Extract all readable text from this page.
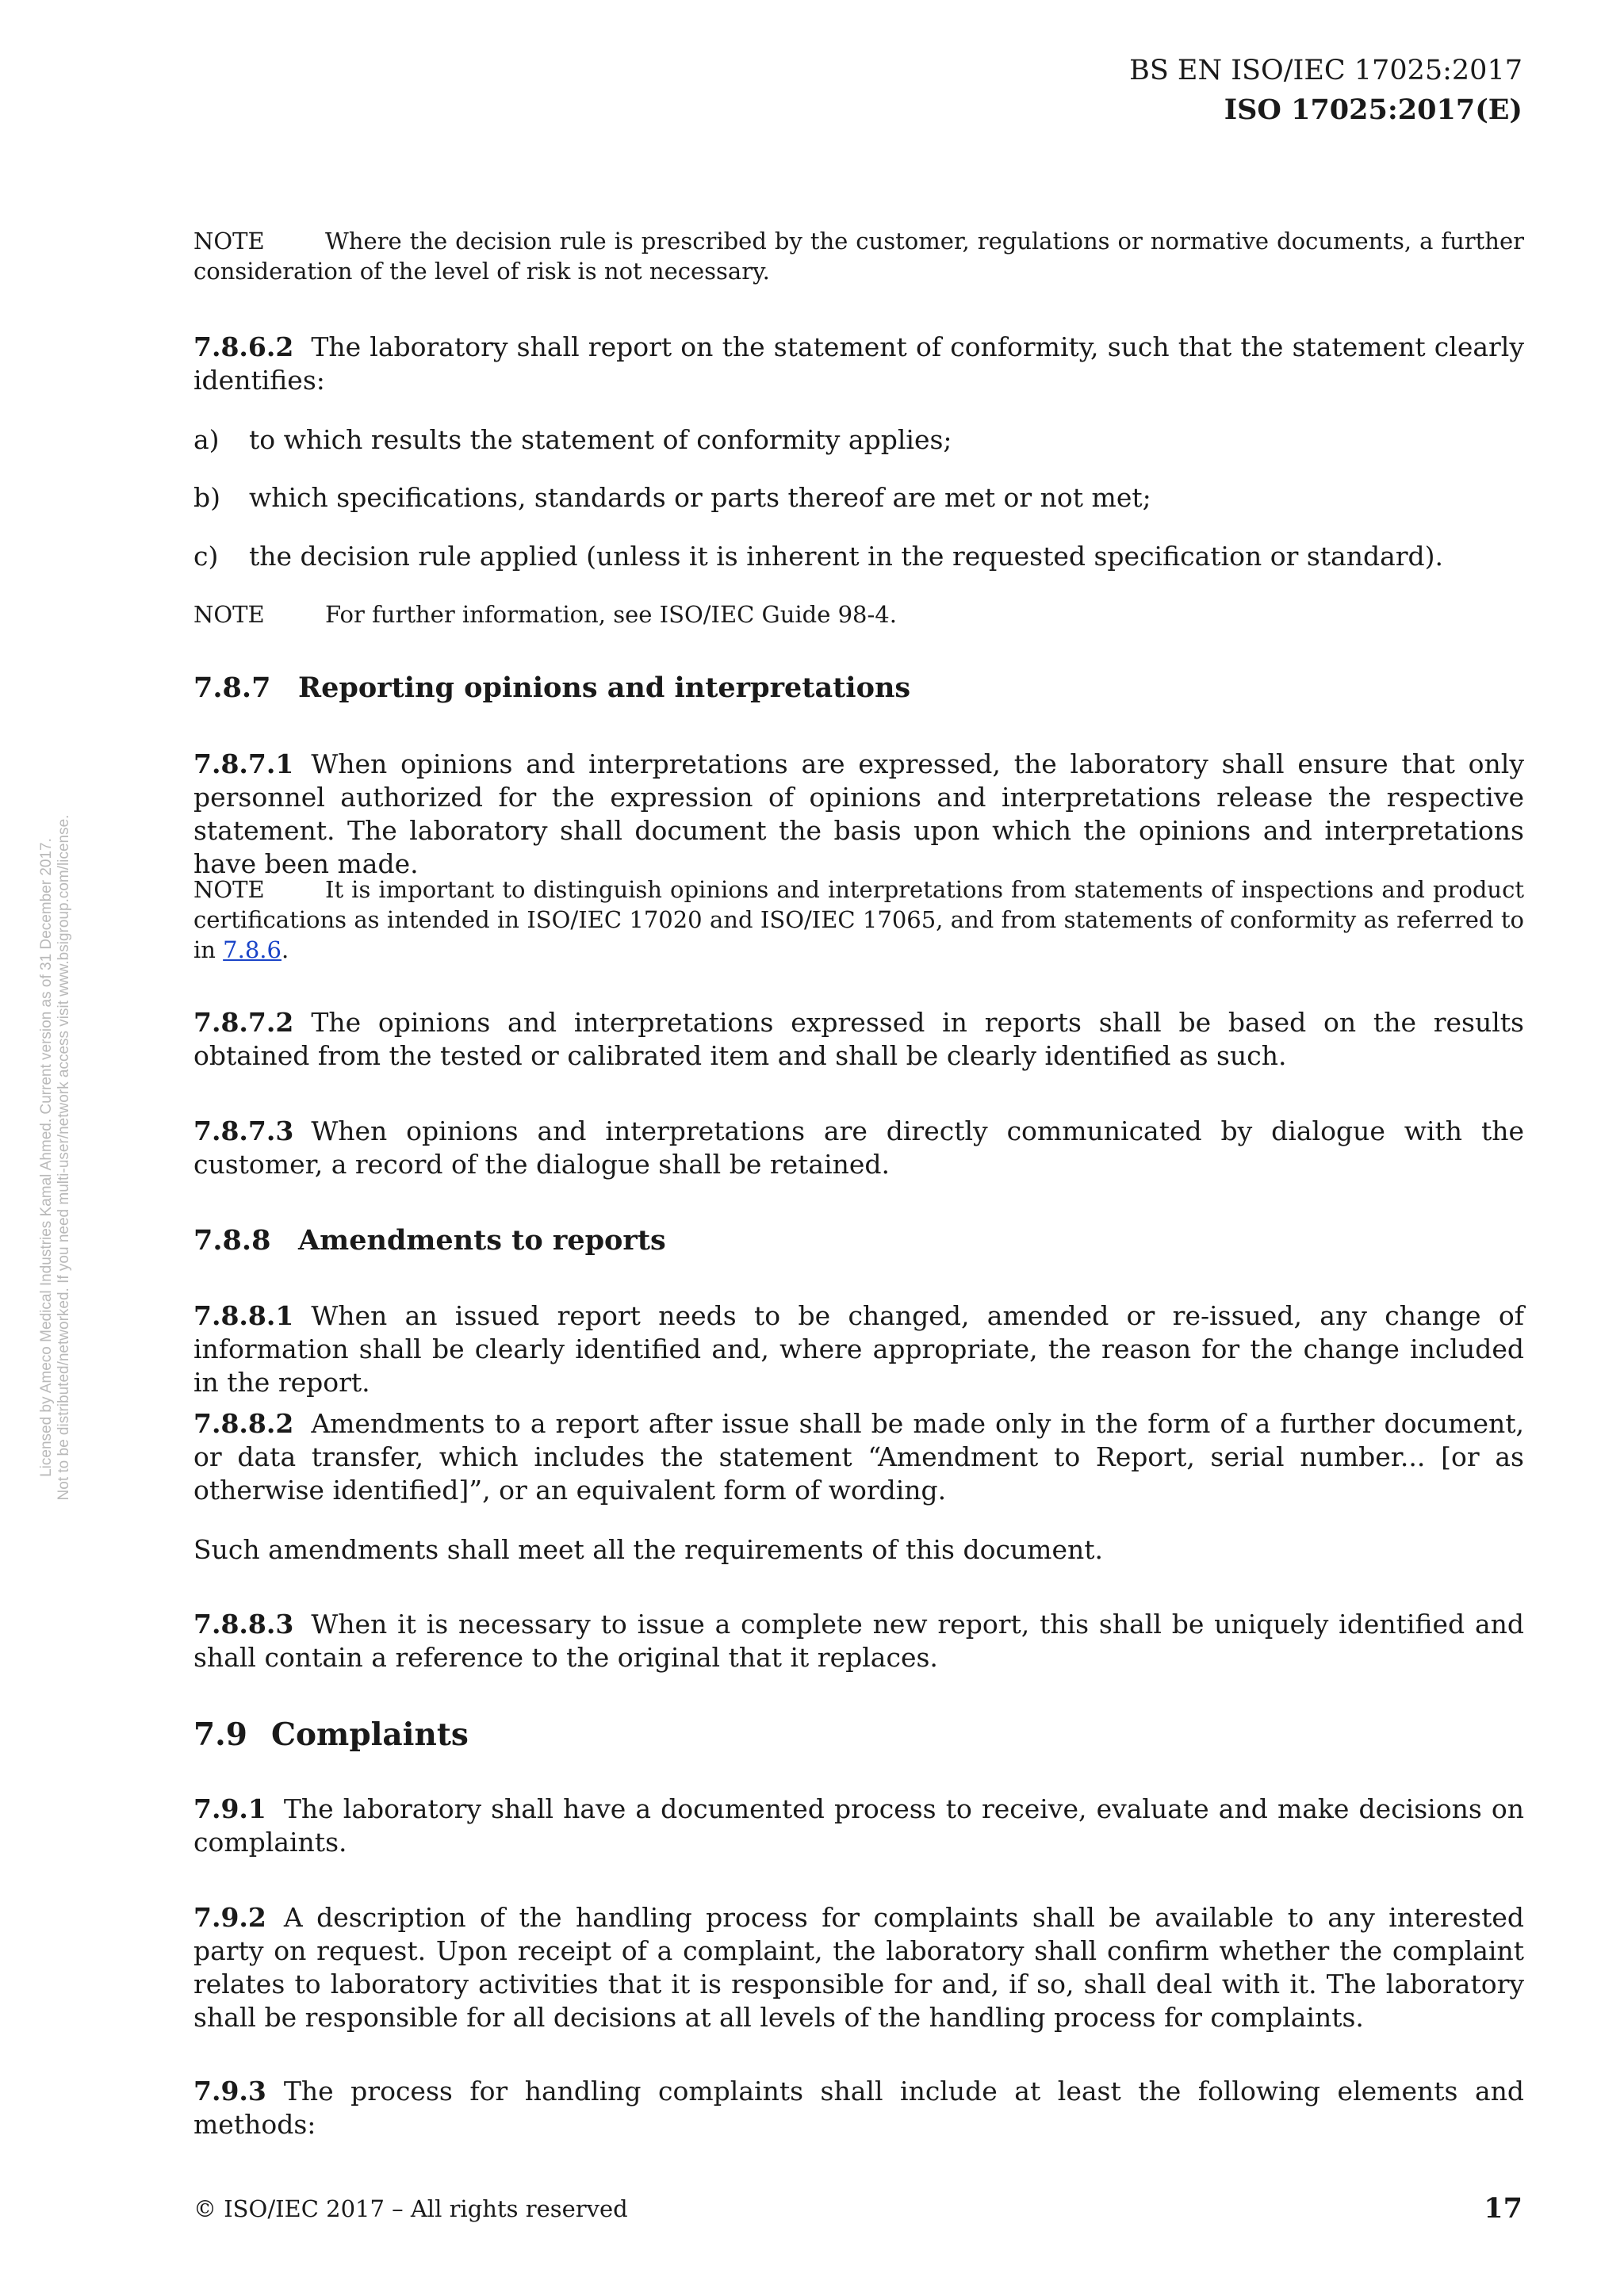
BS EN ISO/IEC 17025:2017
ISO 17025:2017(E)
Licensed by Ameco Medical Industries Kamal Ahmed. Current version as of 31 December 2017. Not to be distributed/networked. If you need multi-user/network access visit www.bsigroup.com/license.

NOTE	Where the decision rule is prescribed by the customer, regulations or normative documents, a further consideration of the level of risk is not necessary.

7.8.6.2 The laboratory shall report on the statement of conformity, such that the statement clearly identifies:

a) to which results the statement of conformity applies;

b) which specifications, standards or parts thereof are met or not met;

c) the decision rule applied (unless it is inherent in the requested specification or standard).

NOTE	For further information, see ISO/IEC Guide 98-4.

7.8.7 Reporting opinions and interpretations

7.8.7.1 When opinions and interpretations are expressed, the laboratory shall ensure that only personnel authorized for the expression of opinions and interpretations release the respective statement. The laboratory shall document the basis upon which the opinions and interpretations have been made.

NOTE	It is important to distinguish opinions and interpretations from statements of inspections and product certifications as intended in ISO/IEC 17020 and ISO/IEC 17065, and from statements of conformity as referred to in 7.8.6.

7.8.7.2 The opinions and interpretations expressed in reports shall be based on the results obtained from the tested or calibrated item and shall be clearly identified as such.

7.8.7.3 When opinions and interpretations are directly communicated by dialogue with the customer, a record of the dialogue shall be retained.

7.8.8 Amendments to reports

7.8.8.1 When an issued report needs to be changed, amended or re-issued, any change of information shall be clearly identified and, where appropriate, the reason for the change included in the report.

7.8.8.2 Amendments to a report after issue shall be made only in the form of a further document, or data transfer, which includes the statement “Amendment to Report, serial number... [or as otherwise identified]”, or an equivalent form of wording.

Such amendments shall meet all the requirements of this document.

7.8.8.3 When it is necessary to issue a complete new report, this shall be uniquely identified and shall contain a reference to the original that it replaces.

7.9 Complaints

7.9.1 The laboratory shall have a documented process to receive, evaluate and make decisions on complaints.

7.9.2 A description of the handling process for complaints shall be available to any interested party on request. Upon receipt of a complaint, the laboratory shall confirm whether the complaint relates to laboratory activities that it is responsible for and, if so, shall deal with it. The laboratory shall be responsible for all decisions at all levels of the handling process for complaints.

7.9.3 The process for handling complaints shall include at least the following elements and methods:

© ISO/IEC 2017 – All rights reserved	17
